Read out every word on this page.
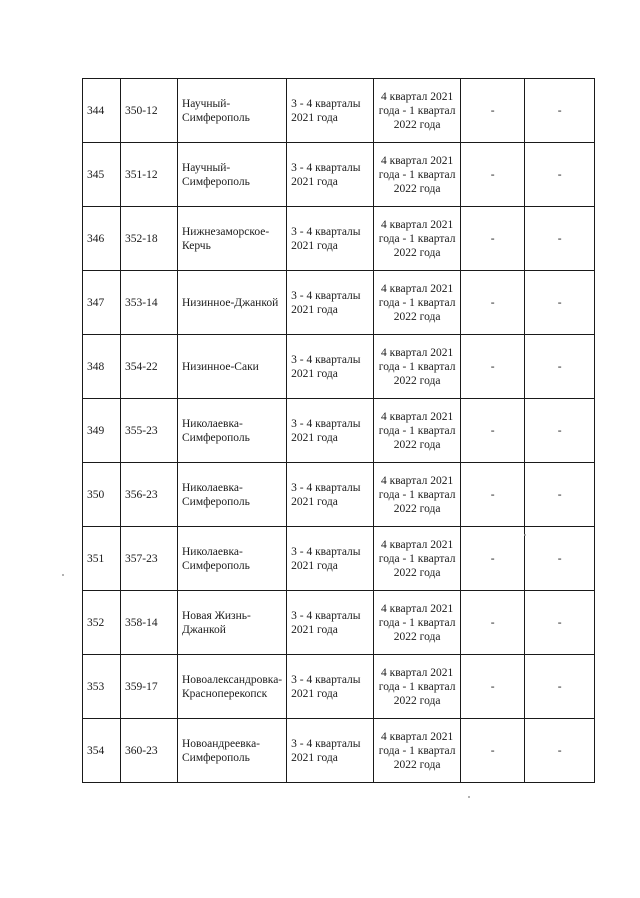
344	350-12	Научный-Симферополь	3 - 4 кварталы 2021 года	4 квартал 2021 года - 1 квартал 2022 года	-	-
345	351-12	Научный-Симферополь	3 - 4 кварталы 2021 года	4 квартал 2021 года - 1 квартал 2022 года	-	-
346	352-18	Нижнезаморское-Керчь	3 - 4 кварталы 2021 года	4 квартал 2021 года - 1 квартал 2022 года	-	-
347	353-14	Низинное-Джанкой	3 - 4 кварталы 2021 года	4 квартал 2021 года - 1 квартал 2022 года	-	-
348	354-22	Низинное-Саки	3 - 4 кварталы 2021 года	4 квартал 2021 года - 1 квартал 2022 года	-	-
349	355-23	Николаевка-Симферополь	3 - 4 кварталы 2021 года	4 квартал 2021 года - 1 квартал 2022 года	-	-
350	356-23	Николаевка-Симферополь	3 - 4 кварталы 2021 года	4 квартал 2021 года - 1 квартал 2022 года	-	-
351	357-23	Николаевка-Симферополь	3 - 4 кварталы 2021 года	4 квартал 2021 года - 1 квартал 2022 года	-	-
352	358-14	Новая Жизнь-Джанкой	3 - 4 кварталы 2021 года	4 квартал 2021 года - 1 квартал 2022 года	-	-
353	359-17	Новоалександровка-Красноперекопск	3 - 4 кварталы 2021 года	4 квартал 2021 года - 1 квартал 2022 года	-	-
354	360-23	Новоандреевка-Симферополь	3 - 4 кварталы 2021 года	4 квартал 2021 года - 1 квартал 2022 года	-	-
